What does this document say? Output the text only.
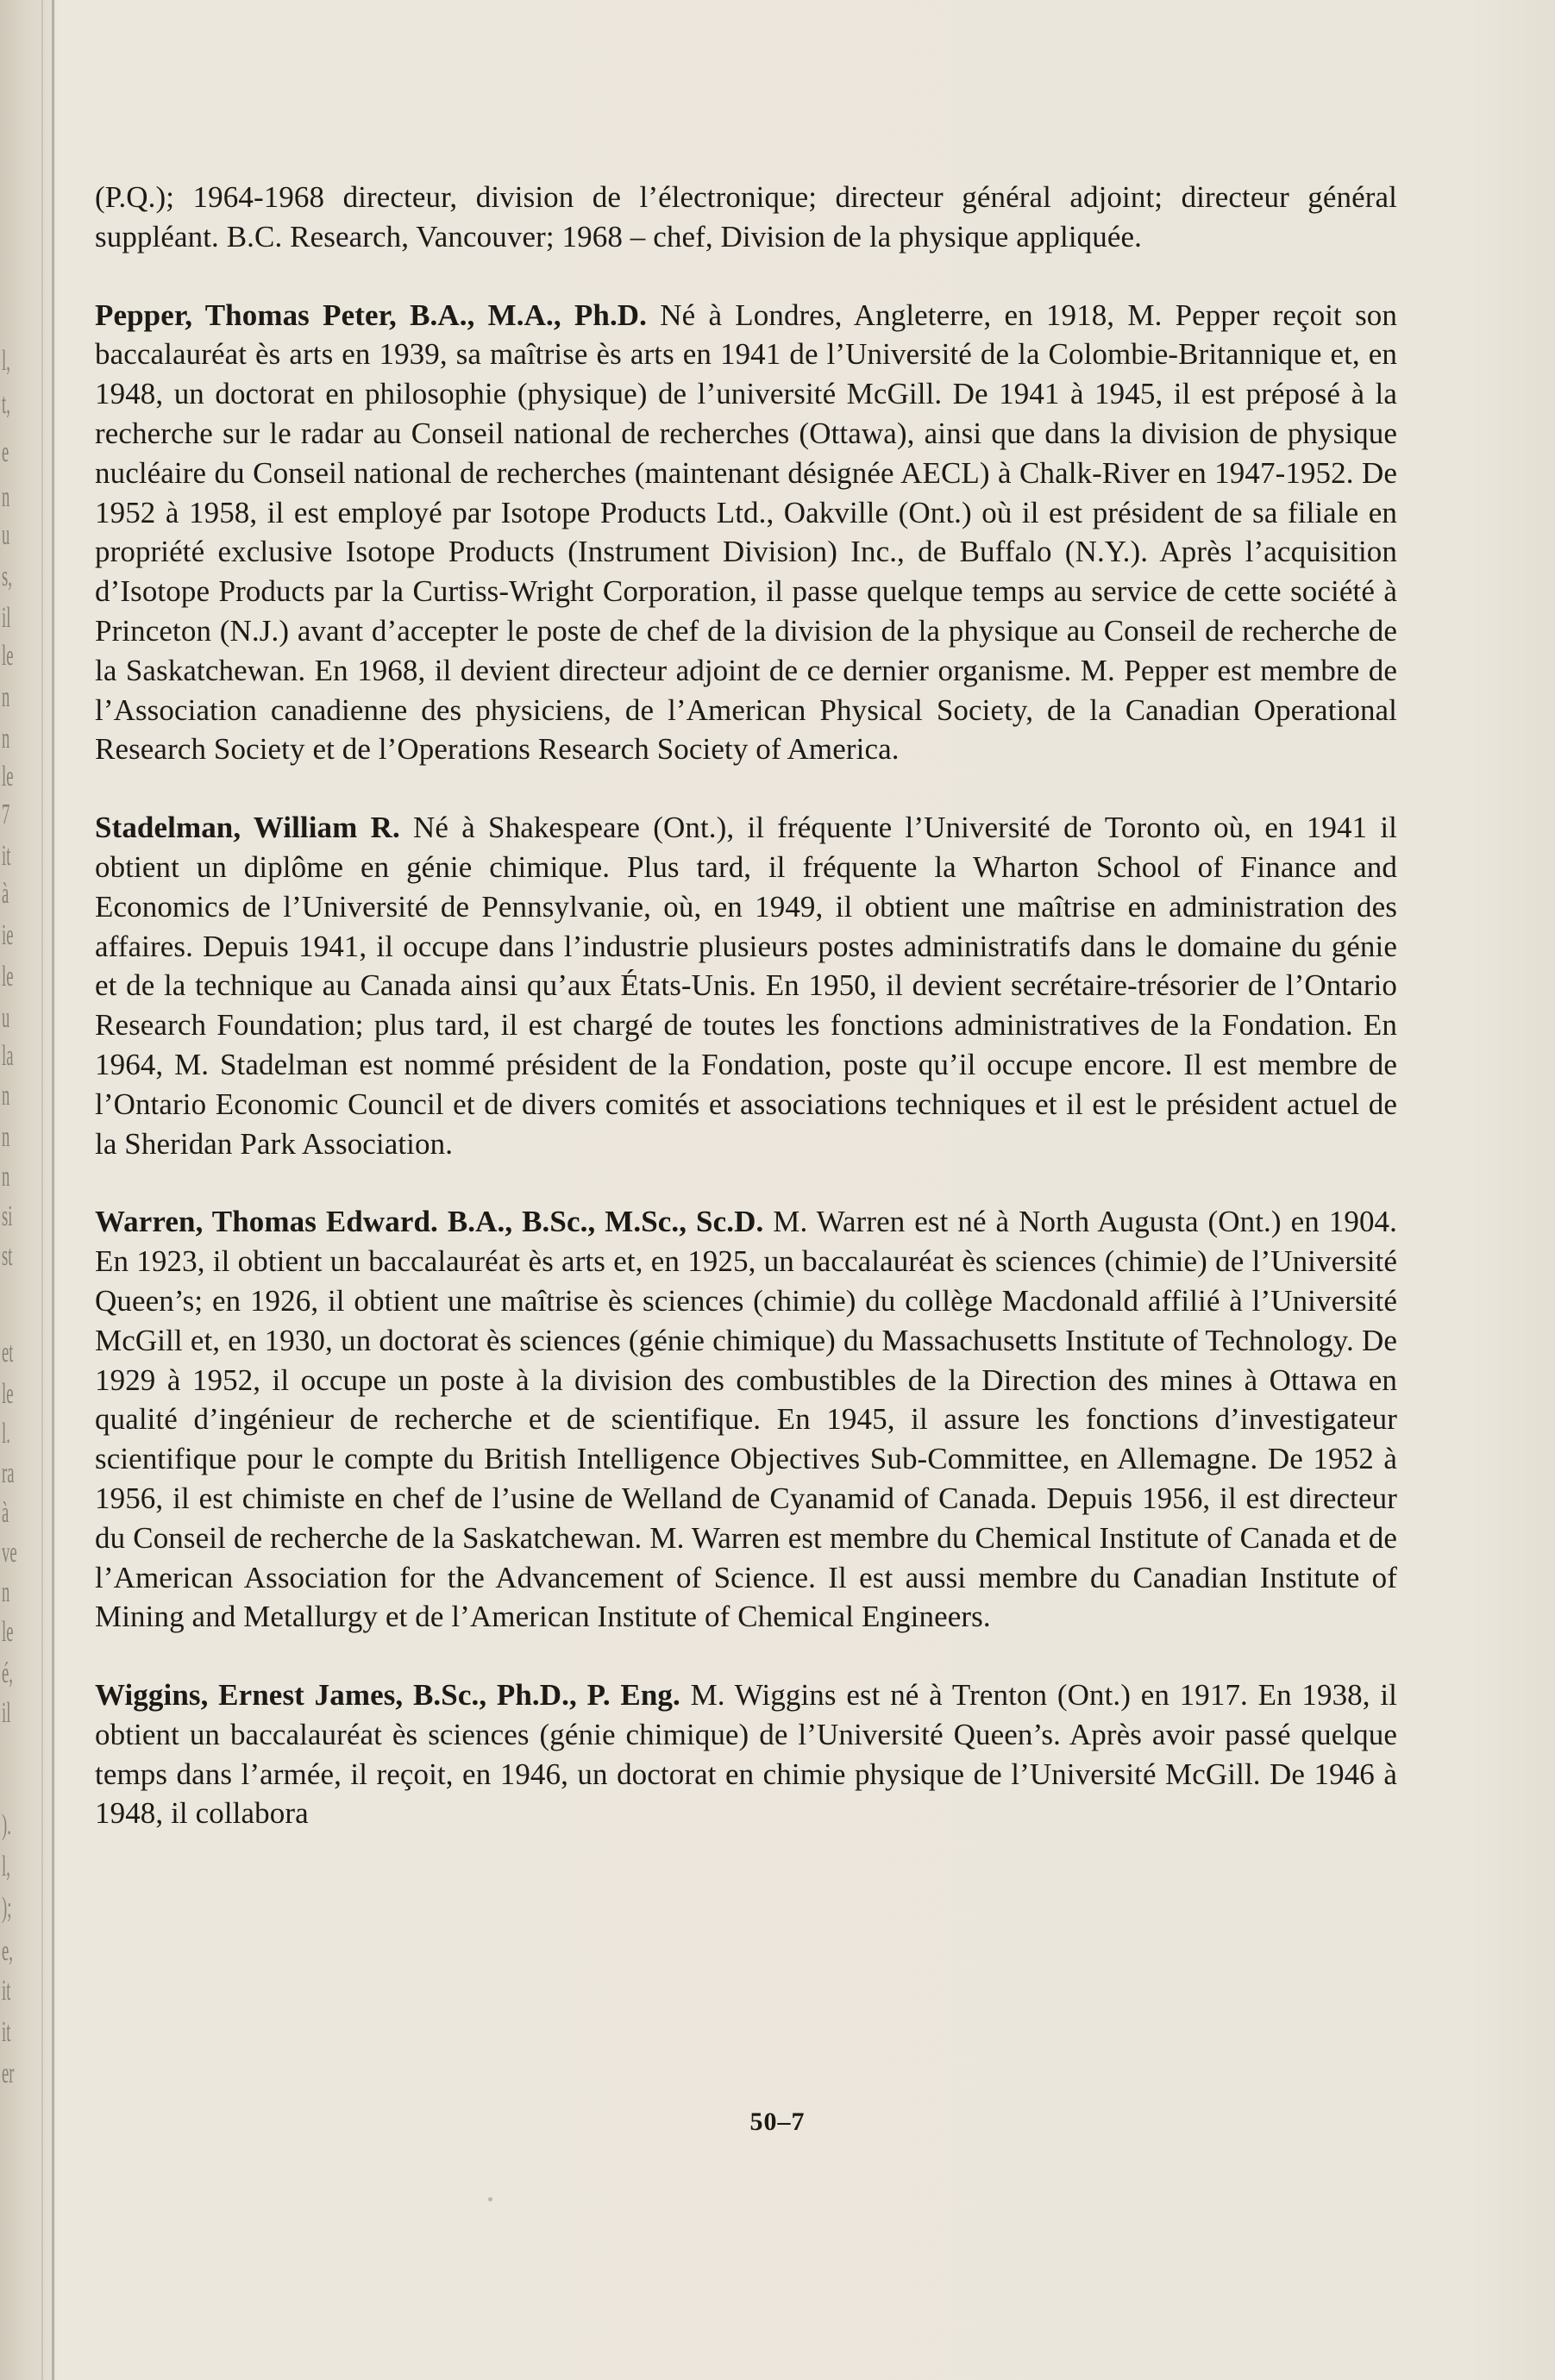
l,
t,
e
n
u
s,
il
le
n
n
le
7
it
à
ie
le
u
la
n
n
n
si
st
et
le
l.
ra
à
ve
n
le
é,
il
).
l,
);
e,
it
it
er

(P.Q.); 1964-1968 directeur, division de l’électronique; directeur général adjoint; directeur général suppléant. B.C. Research, Vancouver; 1968 – chef, Division de la physique appliquée.

Pepper, Thomas Peter, B.A., M.A., Ph.D. Né à Londres, Angleterre, en 1918, M. Pepper reçoit son baccalauréat ès arts en 1939, sa maîtrise ès arts en 1941 de l’Université de la Colombie-Britannique et, en 1948, un doctorat en philosophie (physique) de l’université McGill. De 1941 à 1945, il est préposé à la recherche sur le radar au Conseil national de recherches (Ottawa), ainsi que dans la division de physique nucléaire du Conseil national de recherches (maintenant désignée AECL) à Chalk-River en 1947-1952. De 1952 à 1958, il est employé par Isotope Products Ltd., Oakville (Ont.) où il est président de sa filiale en propriété exclusive Isotope Products (Instrument Division) Inc., de Buffalo (N.Y.). Après l’acquisition d’Isotope Products par la Curtiss-Wright Corporation, il passe quelque temps au service de cette société à Princeton (N.J.) avant d’accepter le poste de chef de la division de la physique au Conseil de recherche de la Saskatchewan. En 1968, il devient directeur adjoint de ce dernier organisme. M. Pepper est membre de l’Association canadienne des physiciens, de l’American Physical Society, de la Canadian Operational Research Society et de l’Operations Research Society of America.

Stadelman, William R. Né à Shakespeare (Ont.), il fréquente l’Université de Toronto où, en 1941 il obtient un diplôme en génie chimique. Plus tard, il fréquente la Wharton School of Finance and Economics de l’Université de Pennsylvanie, où, en 1949, il obtient une maîtrise en administration des affaires. Depuis 1941, il occupe dans l’industrie plusieurs postes administratifs dans le domaine du génie et de la technique au Canada ainsi qu’aux États-Unis. En 1950, il devient secrétaire-trésorier de l’Ontario Research Foundation; plus tard, il est chargé de toutes les fonctions administratives de la Fondation. En 1964, M. Stadelman est nommé président de la Fondation, poste qu’il occupe encore. Il est membre de l’Ontario Economic Council et de divers comités et associations techniques et il est le président actuel de la Sheridan Park Association.

Warren, Thomas Edward. B.A., B.Sc., M.Sc., Sc.D. M. Warren est né à North Augusta (Ont.) en 1904. En 1923, il obtient un baccalauréat ès arts et, en 1925, un baccalauréat ès sciences (chimie) de l’Université Queen’s; en 1926, il obtient une maîtrise ès sciences (chimie) du collège Macdonald affilié à l’Université McGill et, en 1930, un doctorat ès sciences (génie chimique) du Massachusetts Institute of Technology. De 1929 à 1952, il occupe un poste à la division des combustibles de la Direction des mines à Ottawa en qualité d’ingénieur de recherche et de scientifique. En 1945, il assure les fonctions d’investigateur scientifique pour le compte du British Intelligence Objectives Sub-Committee, en Allemagne. De 1952 à 1956, il est chimiste en chef de l’usine de Welland de Cyanamid of Canada. Depuis 1956, il est directeur du Conseil de recherche de la Saskatchewan. M. Warren est membre du Chemical Institute of Canada et de l’American Association for the Advancement of Science. Il est aussi membre du Canadian Institute of Mining and Metallurgy et de l’American Institute of Chemical Engineers.

Wiggins, Ernest James, B.Sc., Ph.D., P. Eng. M. Wiggins est né à Trenton (Ont.) en 1917. En 1938, il obtient un baccalauréat ès sciences (génie chimique) de l’Université Queen’s. Après avoir passé quelque temps dans l’armée, il reçoit, en 1946, un doctorat en chimie physique de l’Université McGill. De 1946 à 1948, il collabora

50–7
